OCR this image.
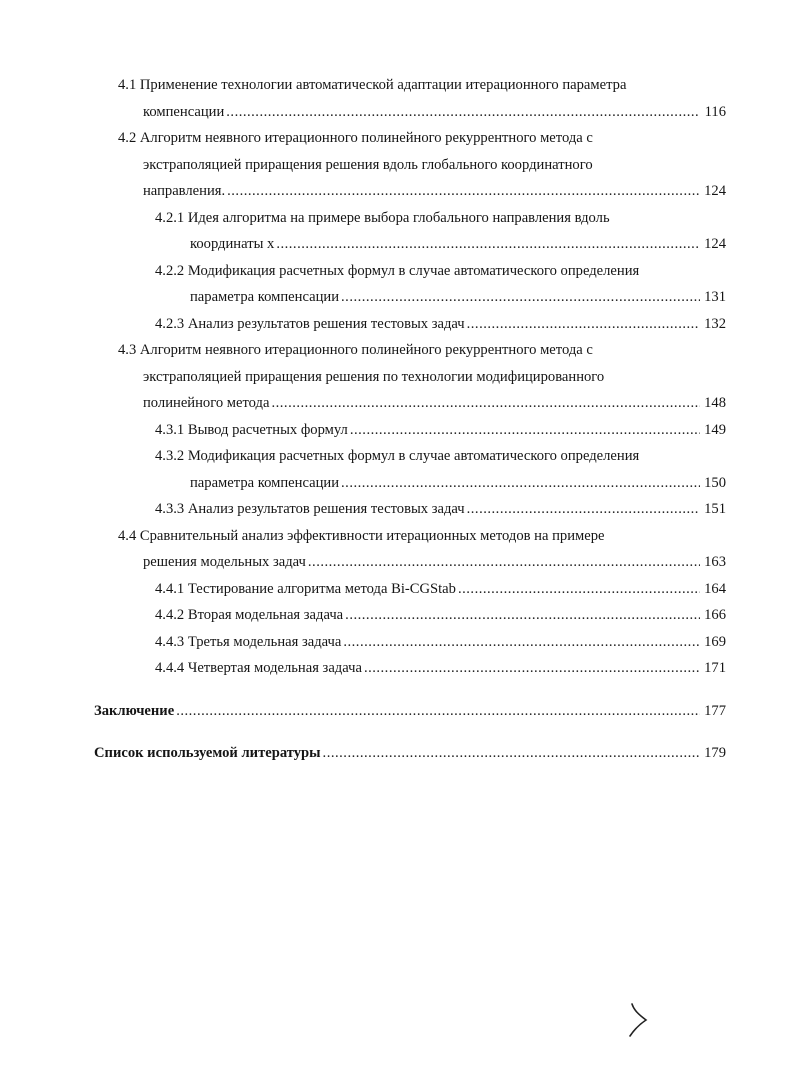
4.1 Применение технологии автоматической адаптации итерационного параметра
компенсации .....	116
4.2 Алгоритм неявного итерационного полинейного рекуррентного метода с
экстраполяцией приращения решения вдоль глобального координатного
направления. .....	124
4.2.1 Идея алгоритма на примере выбора глобального направления вдоль
координаты x .....	124
4.2.2 Модификация расчетных формул в случае автоматического определения
параметра компенсации .....	131
4.2.3 Анализ результатов решения тестовых задач .....	132
4.3 Алгоритм неявного итерационного полинейного рекуррентного метода с
экстраполяцией приращения решения по технологии модифицированного
полинейного метода .....	148
4.3.1 Вывод расчетных формул .....	149
4.3.2 Модификация расчетных формул в случае автоматического определения
параметра компенсации .....	150
4.3.3 Анализ результатов решения тестовых задач .....	151
4.4 Сравнительный анализ эффективности итерационных методов на примере
решения модельных задач .....	163
4.4.1 Тестирование алгоритма метода Bi-CGStab .....	164
4.4.2 Вторая модельная задача .....	166
4.4.3 Третья модельная задача .....	169
4.4.4 Четвертая модельная задача .....	171
Заключение .....	177
Список используемой литературы .....	179
